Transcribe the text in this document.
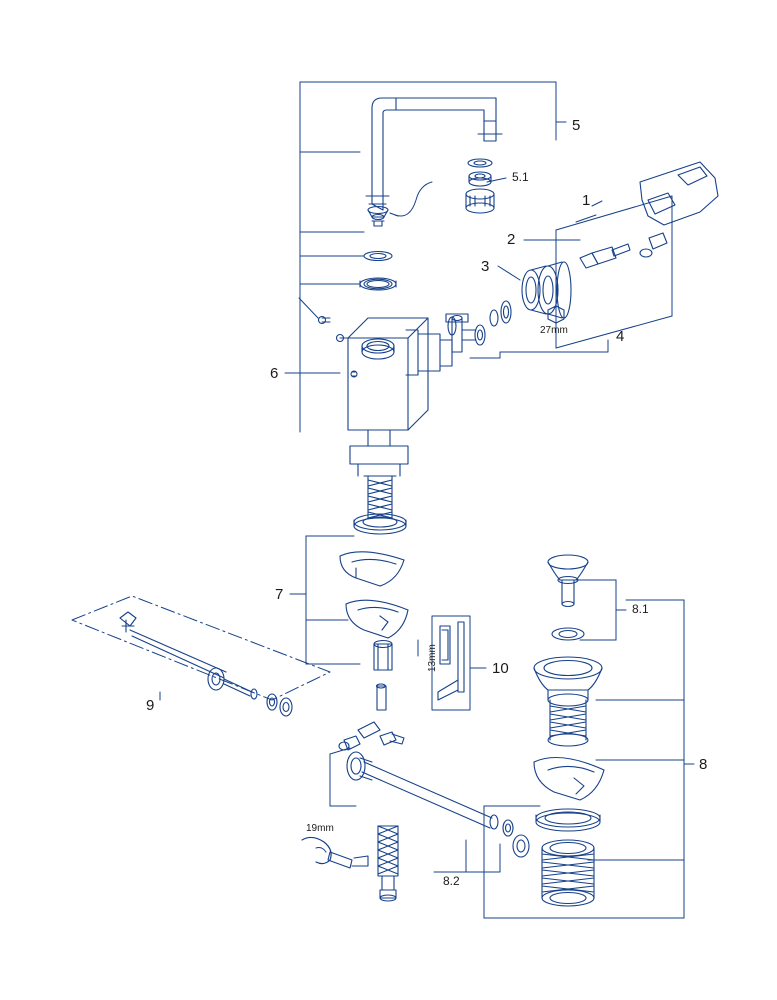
5
5.1
1
2
3
27mm	4
6
7
8.1
13mm	10
9
8
19mm
8.2
